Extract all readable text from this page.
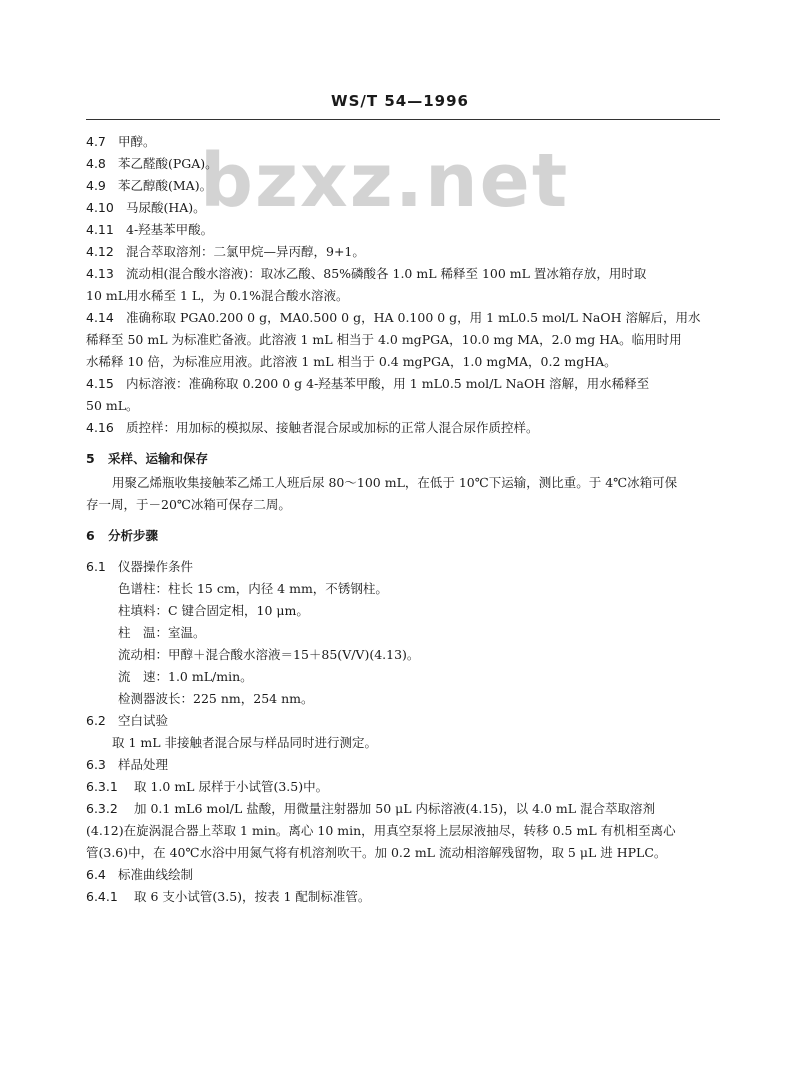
WS/T 54—1996
bzxz.net
4.7 甲醇。
4.8 苯乙醛酸(PGA)。
4.9 苯乙醇酸(MA)。
4.10 马尿酸(HA)。
4.11 4-羟基苯甲酸。
4.12 混合萃取溶剂：二氯甲烷—异丙醇，9+1。
4.13 流动相(混合酸水溶液)：取冰乙酸、85%磷酸各 1.0 mL 稀释至 100 mL 置冰箱存放，用时取
10 mL用水稀至 1 L，为 0.1%混合酸水溶液。
4.14 准确称取 PGA0.200 0 g，MA0.500 0 g，HA 0.100 0 g，用 1 mL0.5 mol/L NaOH 溶解后，用水
稀释至 50 mL 为标准贮备液。此溶液 1 mL 相当于 4.0 mgPGA，10.0 mg MA，2.0 mg HA。临用时用
水稀释 10 倍，为标准应用液。此溶液 1 mL 相当于 0.4 mgPGA，1.0 mgMA，0.2 mgHA。
4.15 内标溶液：准确称取 0.200 0 g 4-羟基苯甲酸，用 1 mL0.5 mol/L NaOH 溶解，用水稀释至
50 mL。
4.16 质控样：用加标的模拟尿、接触者混合尿或加标的正常人混合尿作质控样。
5 采样、运输和保存
用聚乙烯瓶收集接触苯乙烯工人班后尿 80～100 mL，在低于 10℃下运输，测比重。于 4℃冰箱可保
存一周，于－20℃冰箱可保存二周。
6 分析步骤
6.1 仪器操作条件
色谱柱：柱长 15 cm，内径 4 mm，不锈钢柱。
柱填料：C 键合固定相，10 μm。
柱　温：室温。
流动相：甲醇＋混合酸水溶液＝15＋85(V/V)(4.13)。
流　速：1.0 mL/min。
检测器波长：225 nm，254 nm。
6.2 空白试验
取 1 mL 非接触者混合尿与样品同时进行测定。
6.3 样品处理
6.3.1 取 1.0 mL 尿样于小试管(3.5)中。
6.3.2 加 0.1 mL6 mol/L 盐酸，用微量注射器加 50 μL 内标溶液(4.15)，以 4.0 mL 混合萃取溶剂
(4.12)在旋涡混合器上萃取 1 min。离心 10 min，用真空泵将上层尿液抽尽，转移 0.5 mL 有机相至离心
管(3.6)中，在 40℃水浴中用氮气将有机溶剂吹干。加 0.2 mL 流动相溶解残留物，取 5 μL 进 HPLC。
6.4 标准曲线绘制
6.4.1 取 6 支小试管(3.5)，按表 1 配制标准管。
